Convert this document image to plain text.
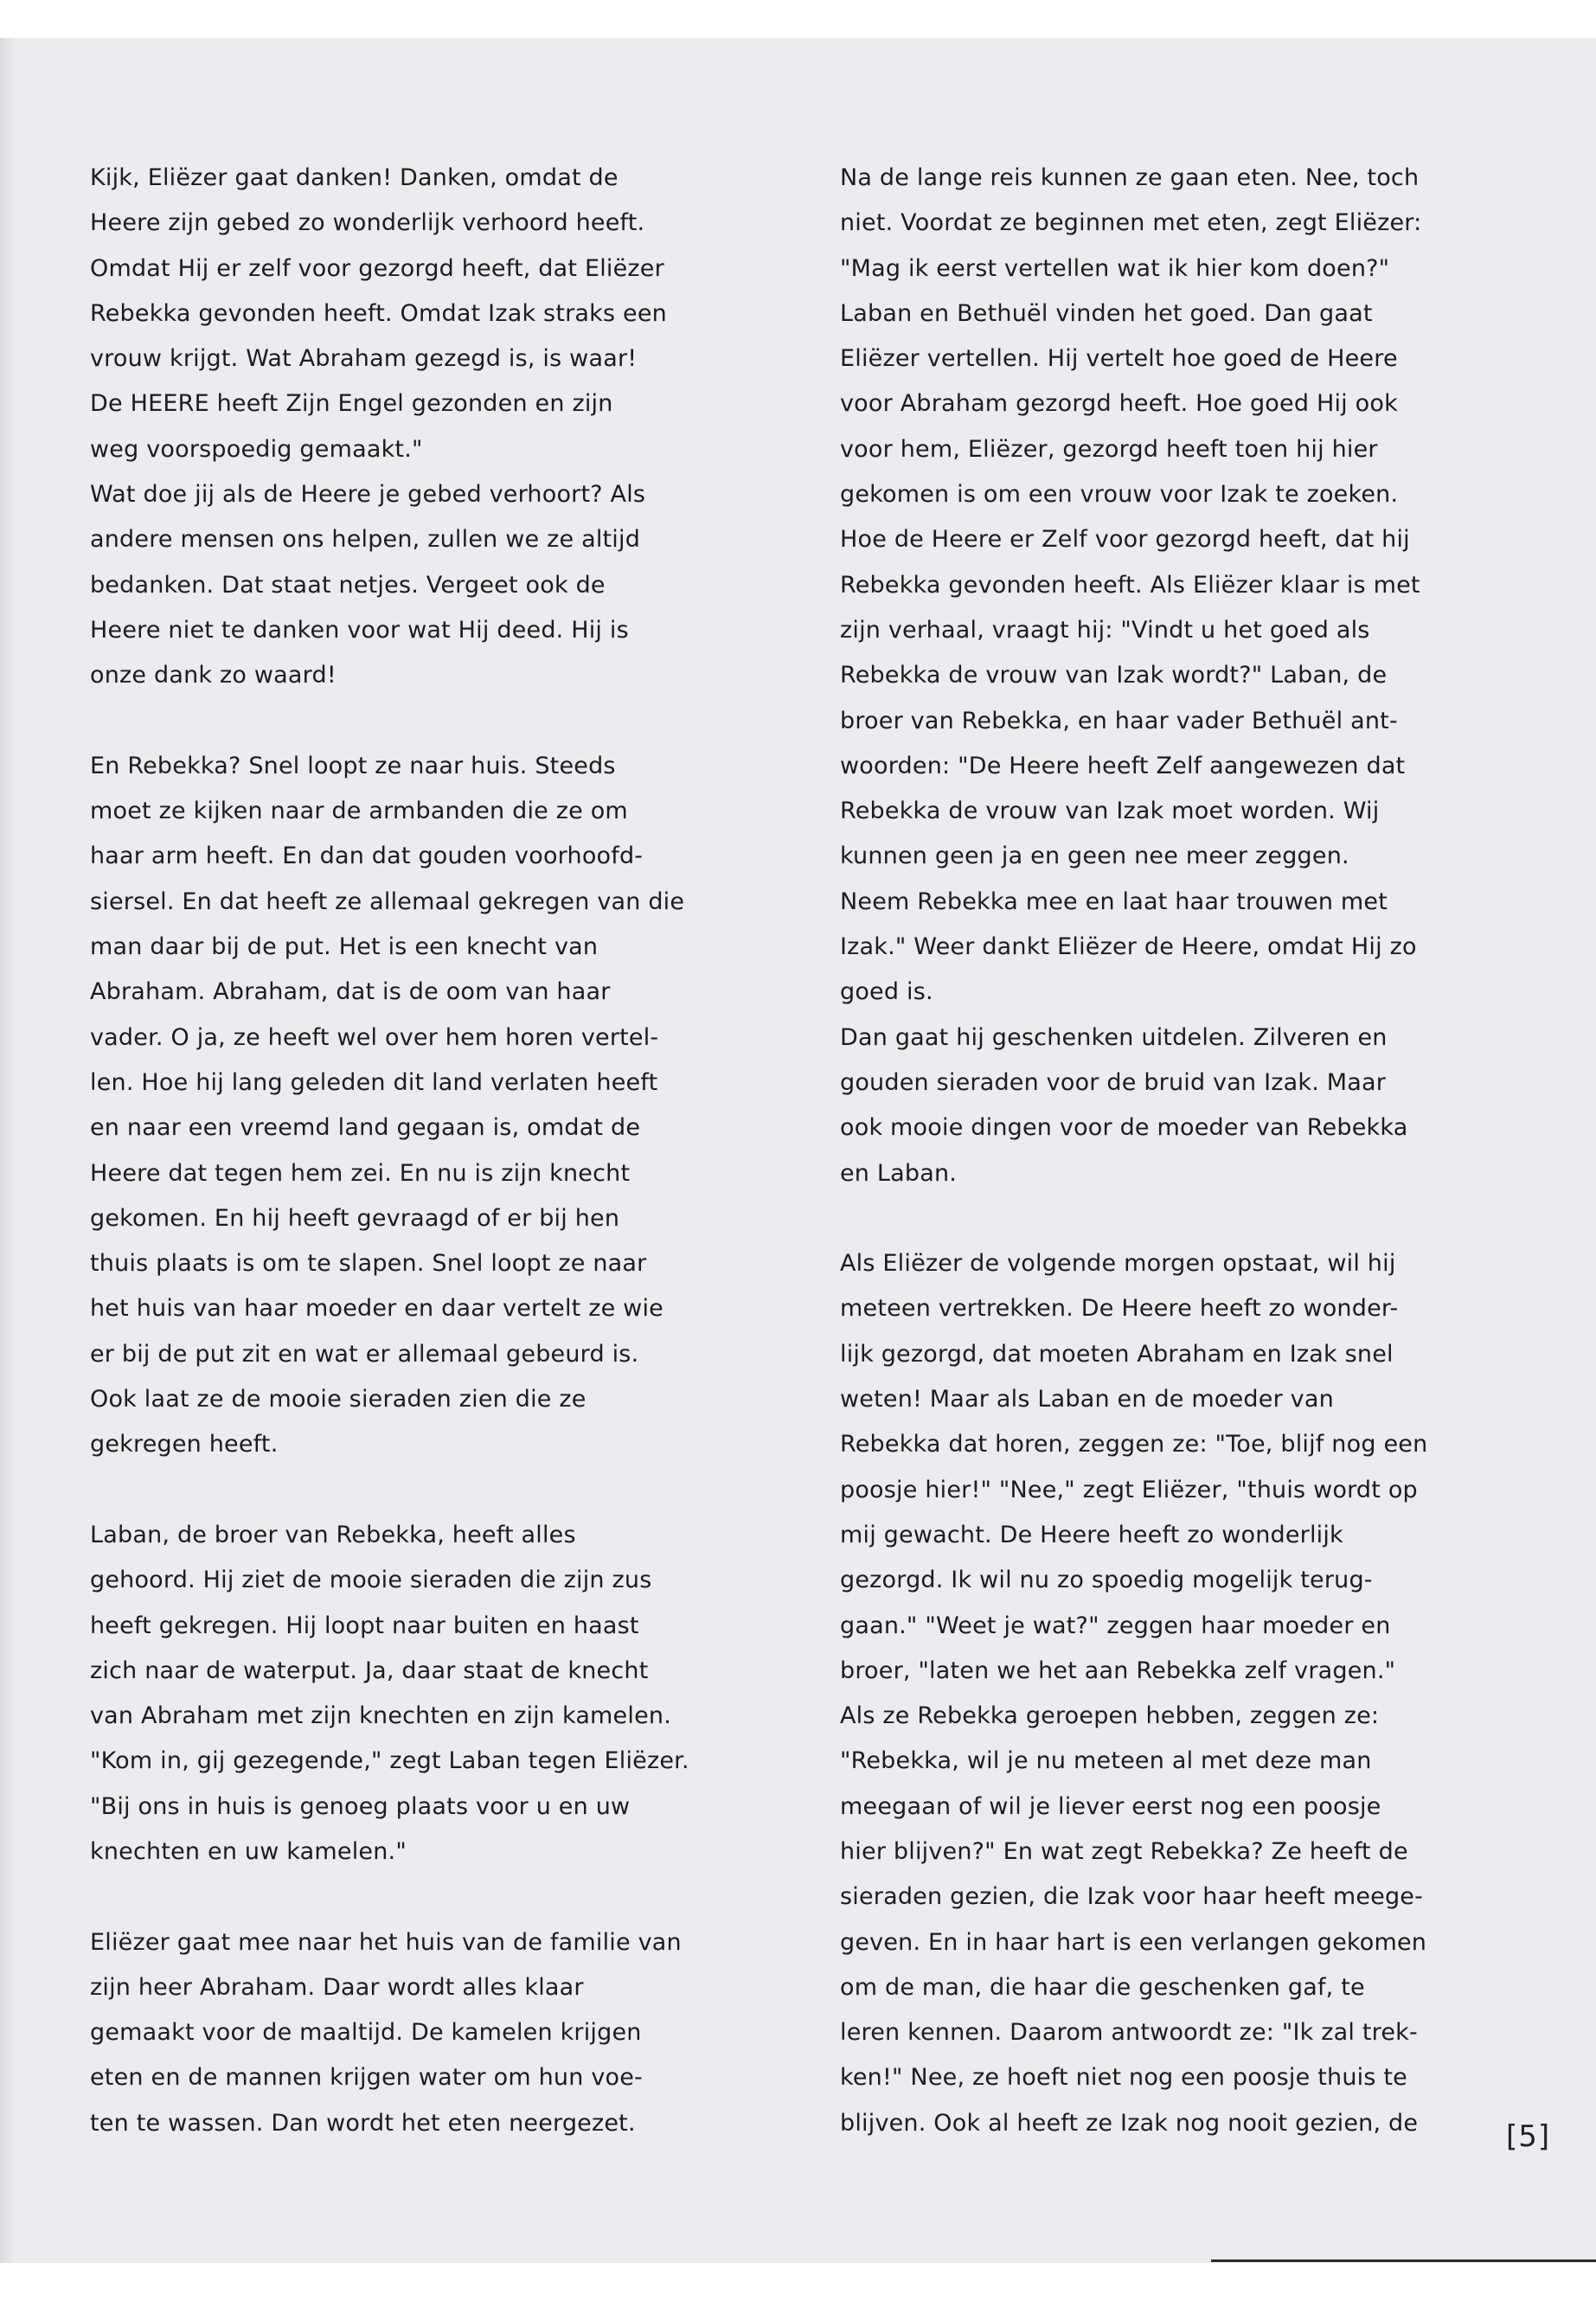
Kijk, Eliëzer gaat danken! Danken, omdat de
Heere zijn gebed zo wonderlijk verhoord heeft.
Omdat Hij er zelf voor gezorgd heeft, dat Eliëzer
Rebekka gevonden heeft. Omdat Izak straks een
vrouw krijgt. Wat Abraham gezegd is, is waar!
De HEERE heeft Zijn Engel gezonden en zijn
weg voorspoedig gemaakt."
Wat doe jij als de Heere je gebed verhoort? Als
andere mensen ons helpen, zullen we ze altijd
bedanken. Dat staat netjes. Vergeet ook de
Heere niet te danken voor wat Hij deed. Hij is
onze dank zo waard!
En Rebekka? Snel loopt ze naar huis. Steeds
moet ze kijken naar de armbanden die ze om
haar arm heeft. En dan dat gouden voorhoofd-
siersel. En dat heeft ze allemaal gekregen van die
man daar bij de put. Het is een knecht van
Abraham. Abraham, dat is de oom van haar
vader. O ja, ze heeft wel over hem horen vertel-
len. Hoe hij lang geleden dit land verlaten heeft
en naar een vreemd land gegaan is, omdat de
Heere dat tegen hem zei. En nu is zijn knecht
gekomen. En hij heeft gevraagd of er bij hen
thuis plaats is om te slapen. Snel loopt ze naar
het huis van haar moeder en daar vertelt ze wie
er bij de put zit en wat er allemaal gebeurd is.
Ook laat ze de mooie sieraden zien die ze
gekregen heeft.
Laban, de broer van Rebekka, heeft alles
gehoord. Hij ziet de mooie sieraden die zijn zus
heeft gekregen. Hij loopt naar buiten en haast
zich naar de waterput. Ja, daar staat de knecht
van Abraham met zijn knechten en zijn kamelen.
"Kom in, gij gezegende," zegt Laban tegen Eliëzer.
"Bij ons in huis is genoeg plaats voor u en uw
knechten en uw kamelen."
Eliëzer gaat mee naar het huis van de familie van
zijn heer Abraham. Daar wordt alles klaar
gemaakt voor de maaltijd. De kamelen krijgen
eten en de mannen krijgen water om hun voe-
ten te wassen. Dan wordt het eten neergezet.
Na de lange reis kunnen ze gaan eten. Nee, toch
niet. Voordat ze beginnen met eten, zegt Eliëzer:
"Mag ik eerst vertellen wat ik hier kom doen?"
Laban en Bethuël vinden het goed. Dan gaat
Eliëzer vertellen. Hij vertelt hoe goed de Heere
voor Abraham gezorgd heeft. Hoe goed Hij ook
voor hem, Eliëzer, gezorgd heeft toen hij hier
gekomen is om een vrouw voor Izak te zoeken.
Hoe de Heere er Zelf voor gezorgd heeft, dat hij
Rebekka gevonden heeft. Als Eliëzer klaar is met
zijn verhaal, vraagt hij: "Vindt u het goed als
Rebekka de vrouw van Izak wordt?" Laban, de
broer van Rebekka, en haar vader Bethuël ant-
woorden: "De Heere heeft Zelf aangewezen dat
Rebekka de vrouw van Izak moet worden. Wij
kunnen geen ja en geen nee meer zeggen.
Neem Rebekka mee en laat haar trouwen met
Izak." Weer dankt Eliëzer de Heere, omdat Hij zo
goed is.
Dan gaat hij geschenken uitdelen. Zilveren en
gouden sieraden voor de bruid van Izak. Maar
ook mooie dingen voor de moeder van Rebekka
en Laban.
Als Eliëzer de volgende morgen opstaat, wil hij
meteen vertrekken. De Heere heeft zo wonder-
lijk gezorgd, dat moeten Abraham en Izak snel
weten! Maar als Laban en de moeder van
Rebekka dat horen, zeggen ze: "Toe, blijf nog een
poosje hier!" "Nee," zegt Eliëzer, "thuis wordt op
mij gewacht. De Heere heeft zo wonderlijk
gezorgd. Ik wil nu zo spoedig mogelijk terug-
gaan." "Weet je wat?" zeggen haar moeder en
broer, "laten we het aan Rebekka zelf vragen."
Als ze Rebekka geroepen hebben, zeggen ze:
"Rebekka, wil je nu meteen al met deze man
meegaan of wil je liever eerst nog een poosje
hier blijven?" En wat zegt Rebekka? Ze heeft de
sieraden gezien, die Izak voor haar heeft meege-
geven. En in haar hart is een verlangen gekomen
om de man, die haar die geschenken gaf, te
leren kennen. Daarom antwoordt ze: "Ik zal trek-
ken!" Nee, ze hoeft niet nog een poosje thuis te
blijven. Ook al heeft ze Izak nog nooit gezien, de	[5]
